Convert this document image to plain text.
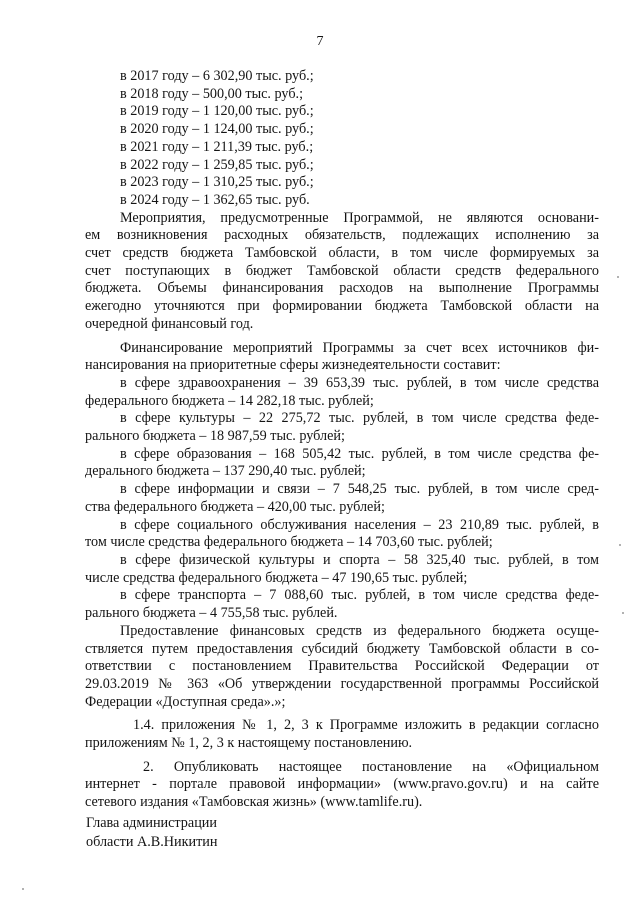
7
в 2017 году – 6 302,90 тыс. руб.;
в 2018 году – 500,00 тыс. руб.;
в 2019 году – 1 120,00 тыс. руб.;
в 2020 году – 1 124,00 тыс. руб.;
в 2021 году – 1 211,39 тыс. руб.;
в 2022 году – 1 259,85 тыс. руб.;
в 2023 году – 1 310,25 тыс. руб.;
в 2024 году – 1 362,65 тыс. руб.
Мероприятия, предусмотренные Программой, не являются основани-
ем возникновения расходных обязательств, подлежащих исполнению за
счет средств бюджета Тамбовской области, в том числе формируемых за
счет поступающих в бюджет Тамбовской области средств федерального
бюджета. Объемы финансирования расходов на выполнение Программы
ежегодно уточняются при формировании бюджета Тамбовской области на
очередной финансовый год.
Финансирование мероприятий Программы за счет всех источников фи-
нансирования на приоритетные сферы жизнедеятельности составит:
в сфере здравоохранения – 39 653,39 тыс. рублей, в том числе средства
федерального бюджета – 14 282,18 тыс. рублей;
в сфере культуры – 22 275,72 тыс. рублей, в том числе средства феде-
рального бюджета – 18 987,59 тыс. рублей;
в сфере образования – 168 505,42 тыс. рублей, в том числе средства фе-
дерального бюджета – 137 290,40 тыс. рублей;
в сфере информации и связи – 7 548,25 тыс. рублей, в том числе сред-
ства федерального бюджета – 420,00 тыс. рублей;
в сфере социального обслуживания населения – 23 210,89 тыс. рублей, в
том числе средства федерального бюджета – 14 703,60 тыс. рублей;
в сфере физической культуры и спорта – 58 325,40 тыс. рублей, в том
числе средства федерального бюджета – 47 190,65 тыс. рублей;
в сфере транспорта – 7 088,60 тыс. рублей, в том числе средства феде-
рального бюджета – 4 755,58 тыс. рублей.
Предоставление финансовых средств из федерального бюджета осуще-
ствляется путем предоставления субсидий бюджету Тамбовской области в со-
ответствии с постановлением Правительства Российской Федерации от
29.03.2019 № 363 «Об утверждении государственной программы Российской
Федерации «Доступная среда».»;
1.4. приложения № 1, 2, 3 к Программе изложить в редакции согласно
приложениям № 1, 2, 3 к настоящему постановлению.
2. Опубликовать настоящее постановление на «Официальном
интернет - портале правовой информации» (www.pravo.gov.ru) и на сайте
сетевого издания «Тамбовская жизнь» (www.tamlife.ru).
Глава администрации
области А.В.Никитин
